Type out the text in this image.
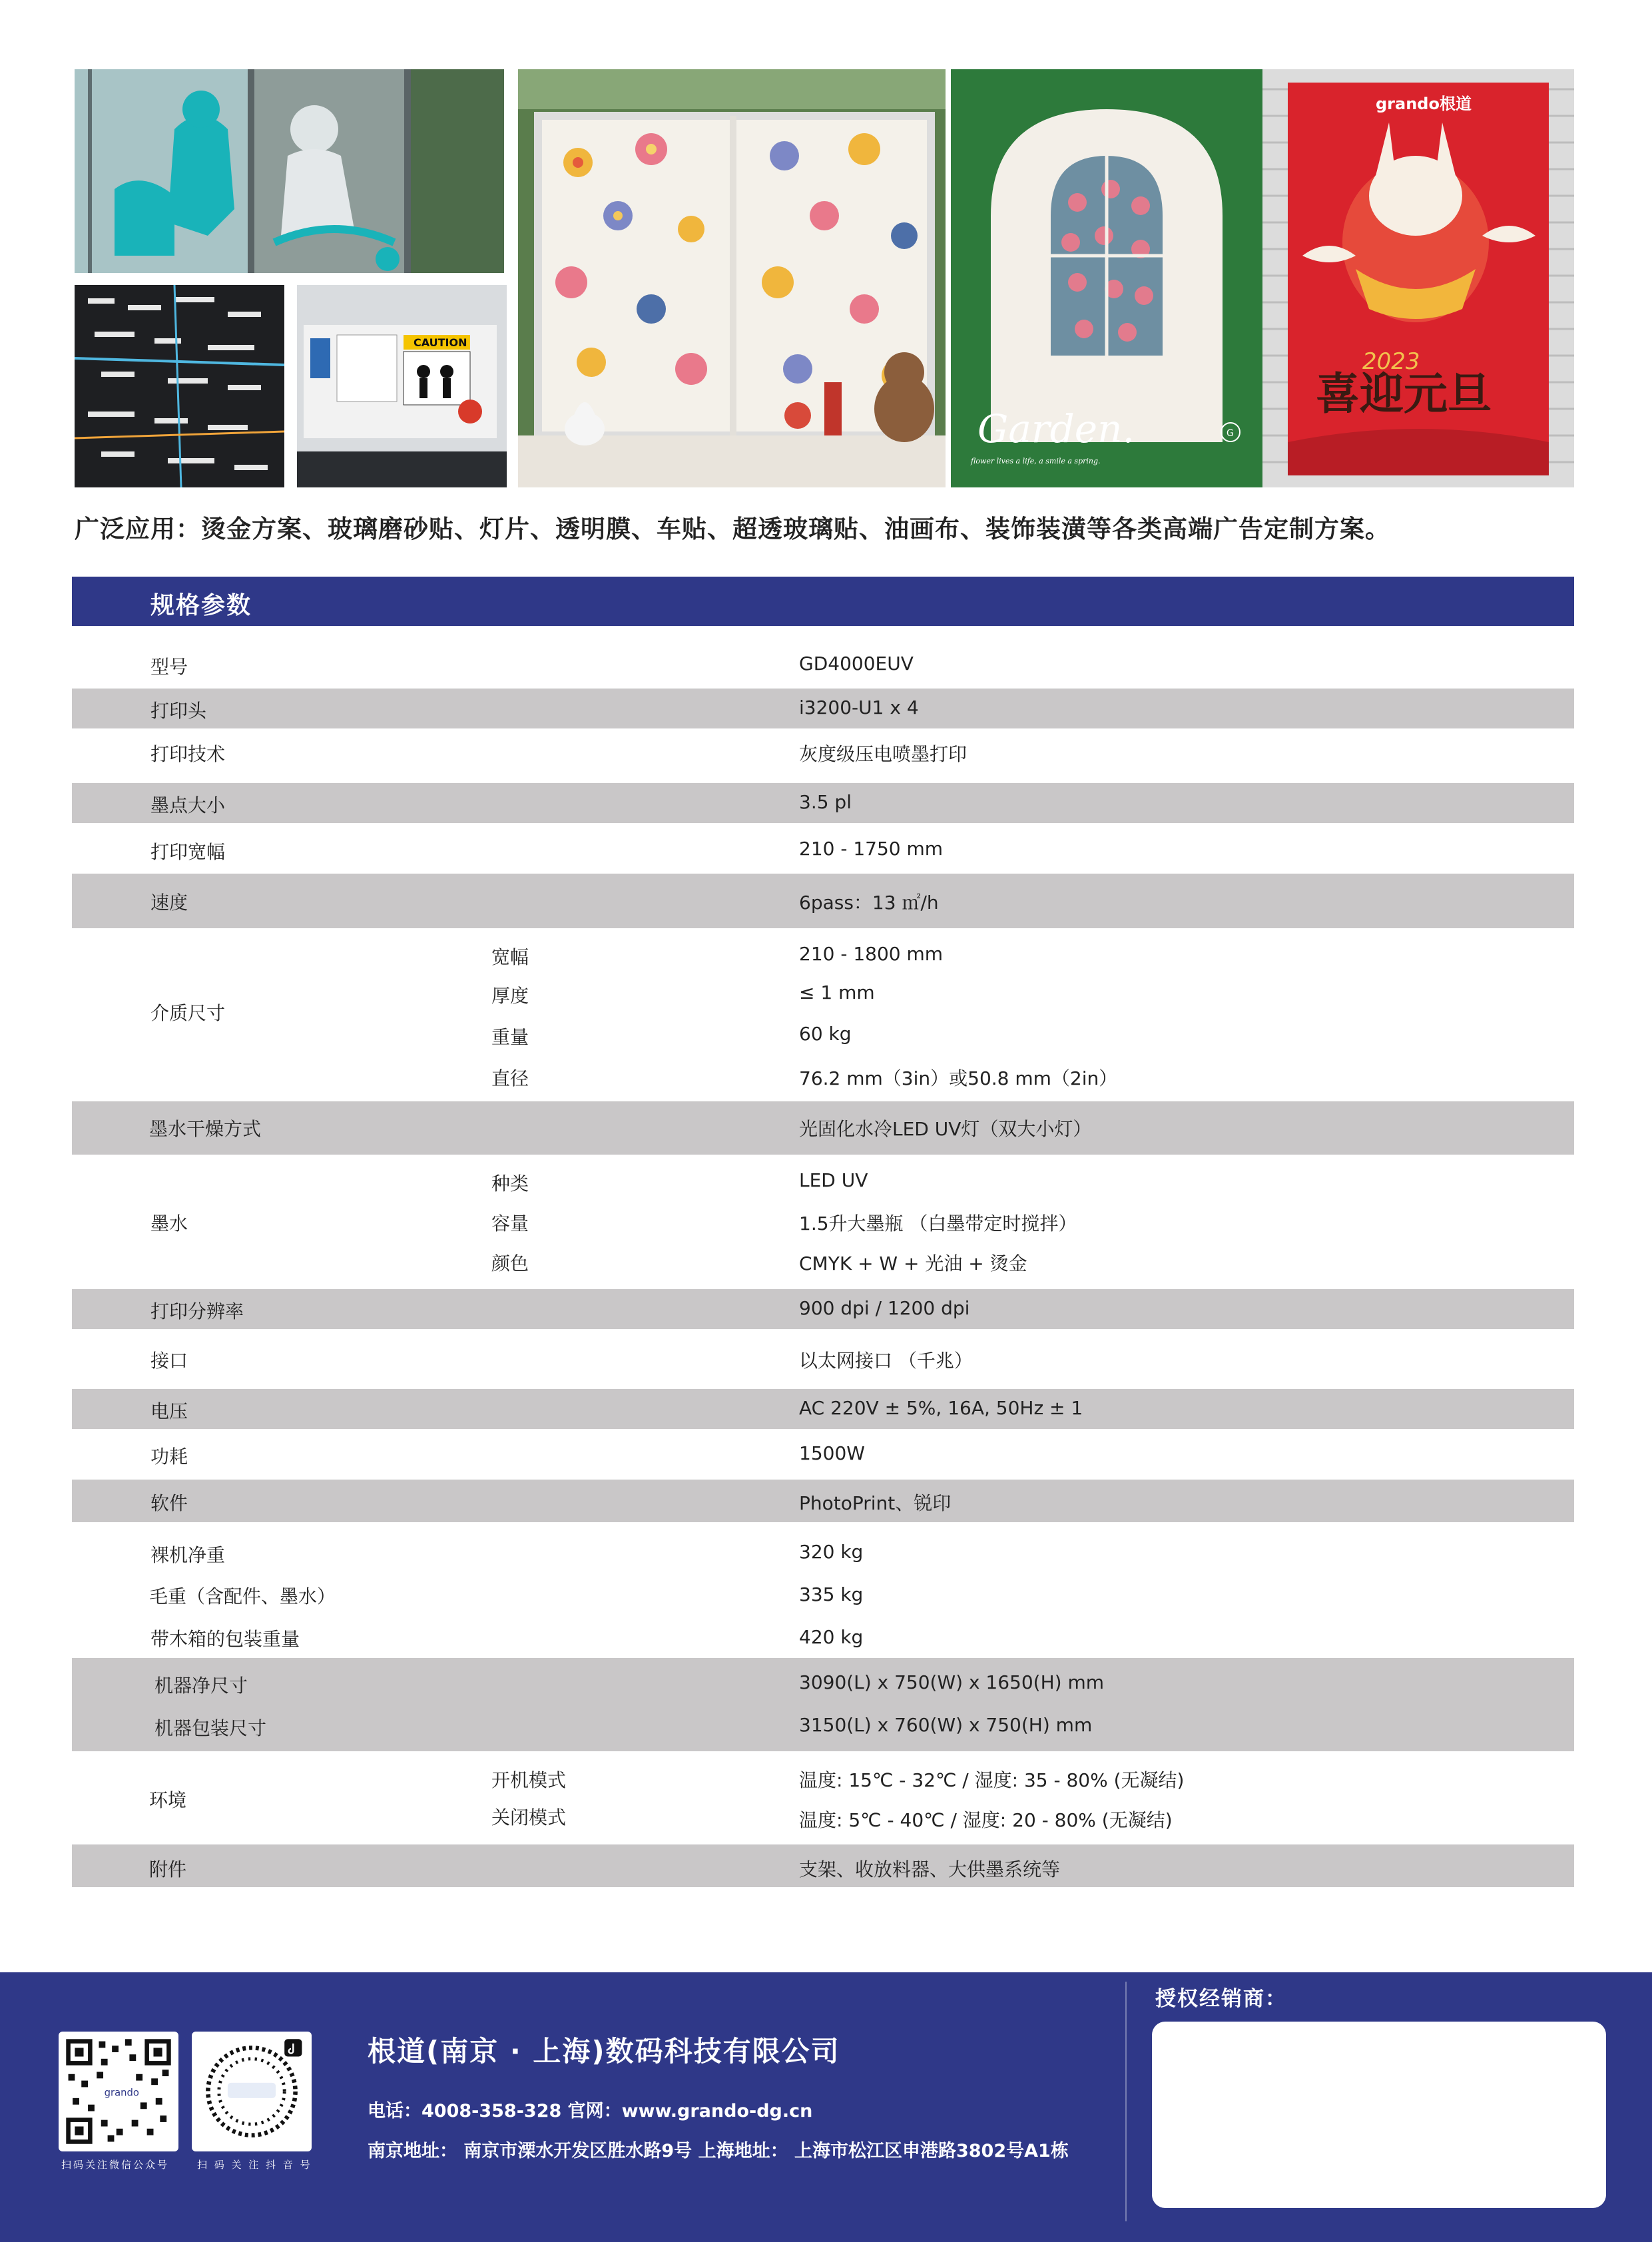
CAUTION
Garden.
flower lives a life, a smile a spring.
G
grando根道
2023
喜迎元旦
广泛应用：烫金方案、玻璃磨砂贴、灯片、透明膜、车贴、超透玻璃贴、油画布、装饰装潢等各类高端广告定制方案。
规格参数
型号	GD4000EUV
打印头	i3200-U1 x 4
打印技术	灰度级压电喷墨打印
墨点大小	3.5 pl
打印宽幅	210 - 1750 mm
速度	6pass：13 ㎡/h
介质尺寸
宽幅	210 - 1800 mm
厚度	≤ 1 mm
重量	60 kg
直径	76.2 mm（3in）或50.8 mm（2in）
墨水干燥方式	光固化水冷LED UV灯（双大小灯）
墨水
种类	LED UV
容量	1.5升大墨瓶 （白墨带定时搅拌）
颜色	CMYK + W + 光油 + 烫金
打印分辨率	900 dpi / 1200 dpi
接口	以太网接口 （千兆）
电压	AC 220V ± 5%, 16A, 50Hz ± 1
功耗	1500W
软件	PhotoPrint、锐印
裸机净重	320 kg
毛重（含配件、墨水）	335 kg
带木箱的包装重量	420 kg
机器净尺寸	3090(L) x 750(W) x 1650(H) mm
机器包装尺寸	3150(L) x 760(W) x 750(H) mm
环境
开机模式	温度: 15℃ - 32℃ / 湿度: 35 - 80% (无凝结)
关闭模式	温度: 5℃ - 40℃ / 湿度: 20 - 80% (无凝结)
附件	支架、收放料器、大供墨系统等
grando
扫码关注微信公众号	扫 码 关 注 抖 音 号
根道(南京 · 上海)数码科技有限公司
电话：4008-358-328 官网：www.grando-dg.cn
南京地址： 南京市溧水开发区胜水路9号 上海地址： 上海市松江区申港路3802号A1栋
授权经销商：
